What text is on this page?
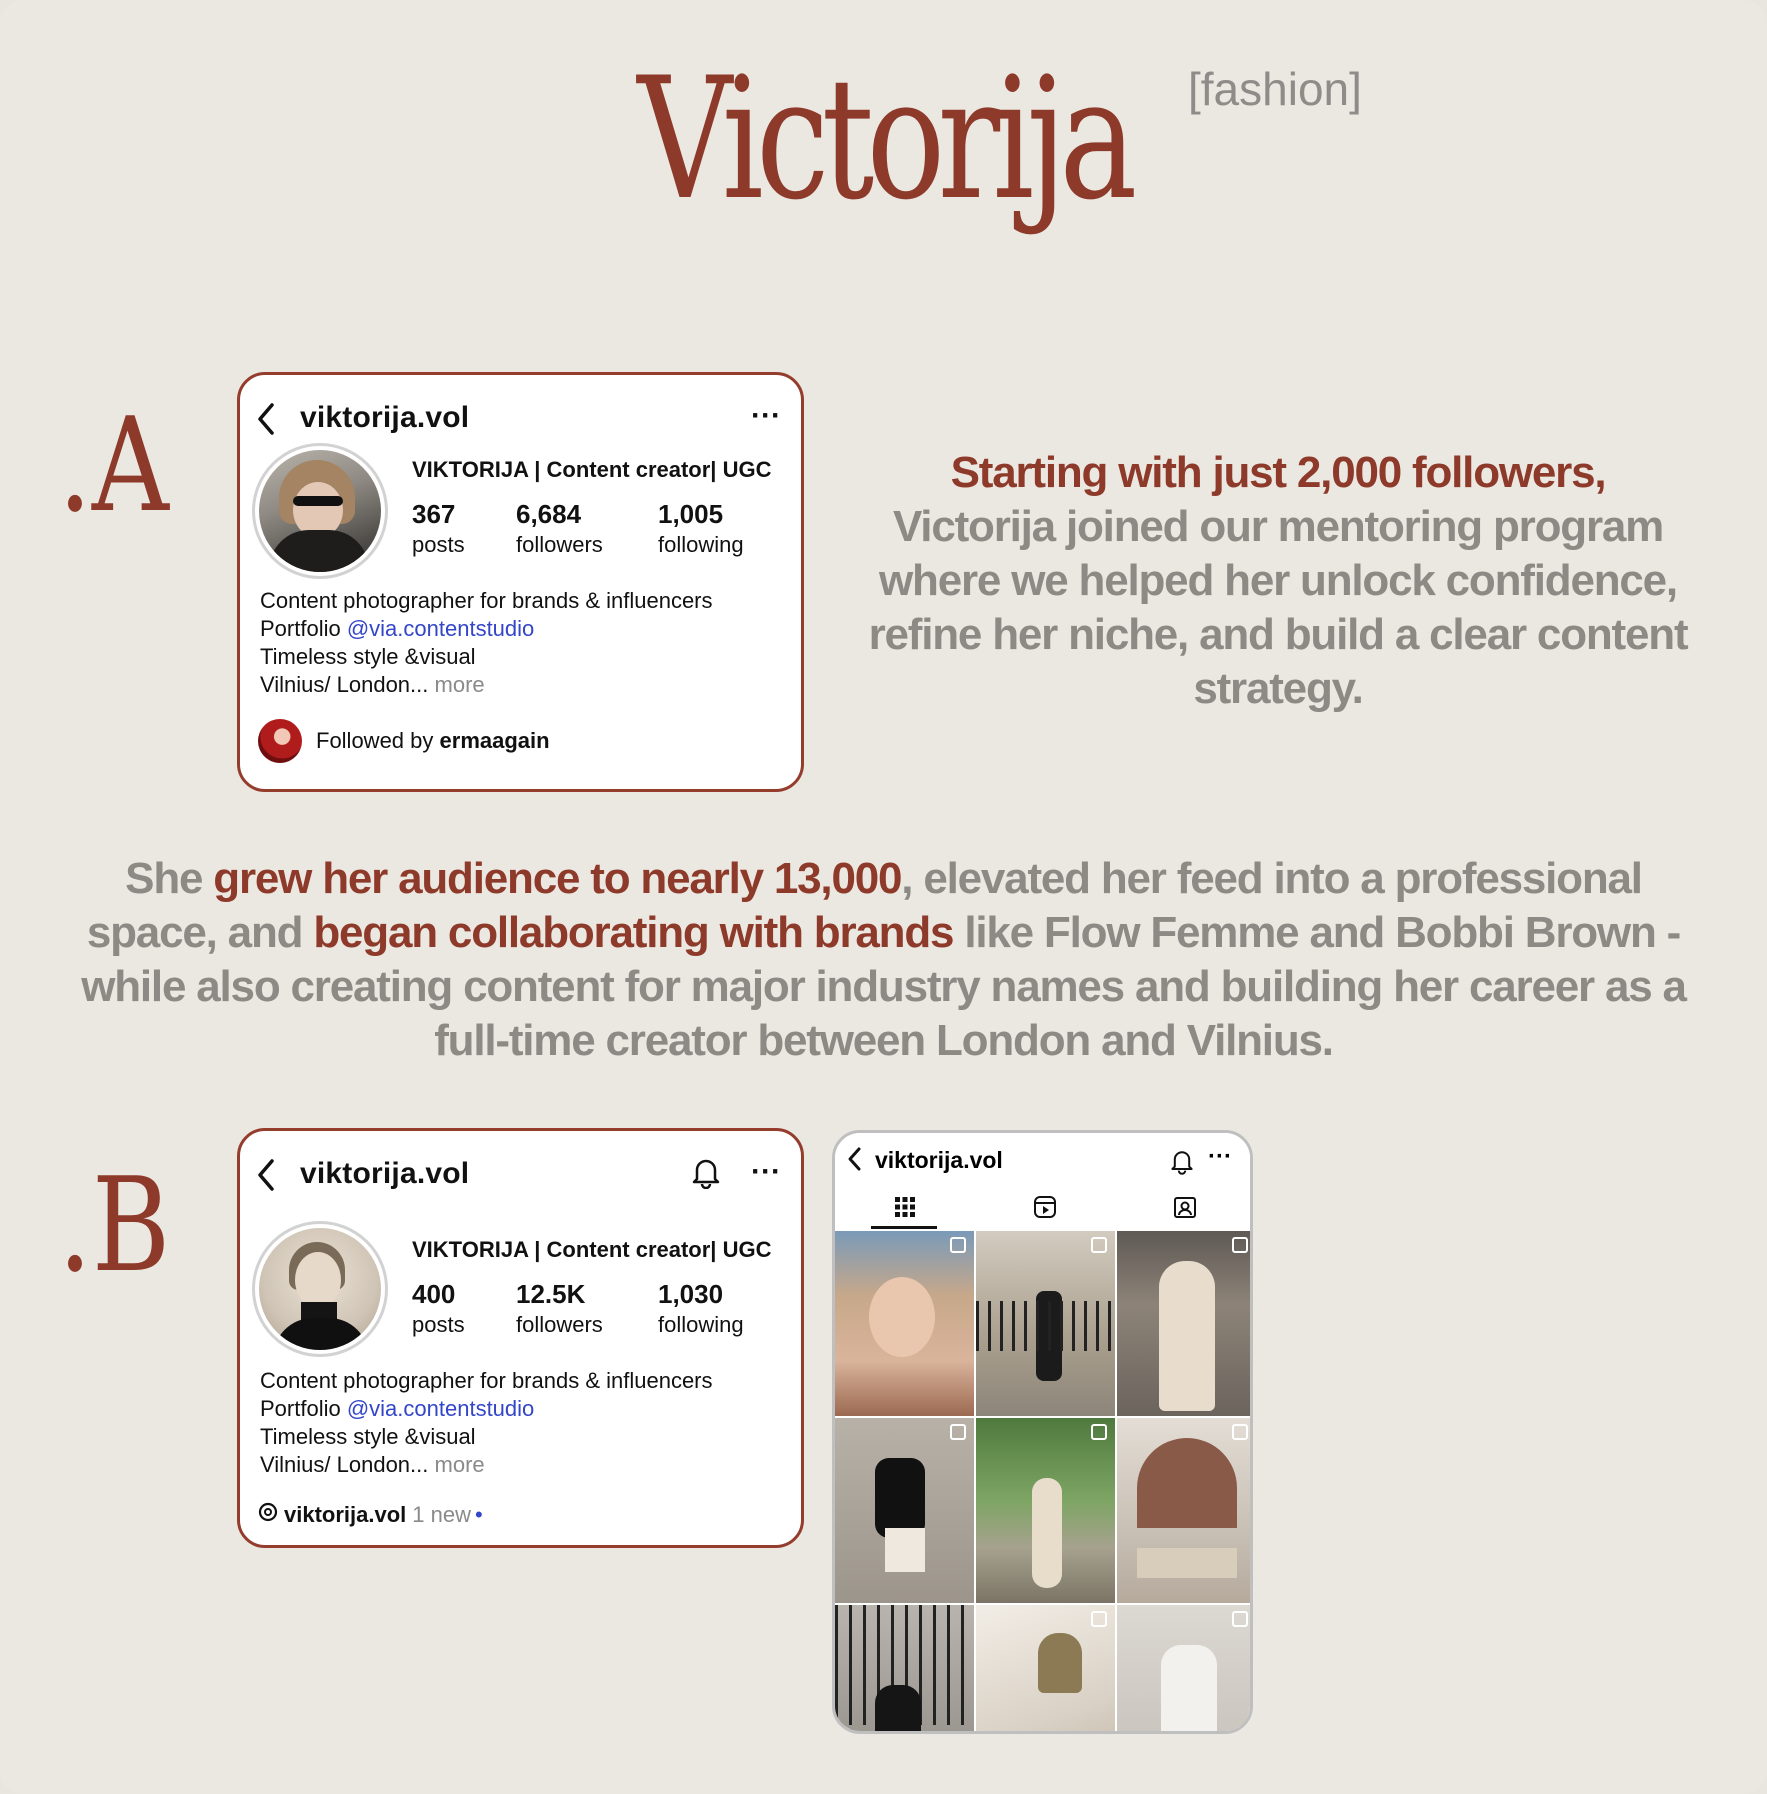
Victorija	[fashion]
.A	viktorija.vol	···
VIKTORIJA | Content creator| UGC
367
posts
6,684
followers
1,005
following
Content photographer for brands & influencers
Portfolio @via.contentstudio
Timeless style &visual
Vilnius/ London... more
Followed by
ermaagain
Starting with just 2,000 followers,
Victorija joined our mentoring program
where we helped her unlock confidence,
refine her niche, and build a clear content
strategy.
She grew her audience to nearly 13,000, elevated her feed into a professional
space, and began collaborating with brands like Flow Femme and Bobbi Brown -
while also creating content for major industry names and building her career as a
full-time creator between London and Vilnius.
.B	viktorija.vol	···
VIKTORIJA | Content creator| UGC
400
posts
12.5K
followers
1,030
following
Content photographer for brands & influencers
Portfolio @via.contentstudio
Timeless style &visual
Vilnius/ London... more
viktorija.vol 1 new •
viktorija.vol	···
